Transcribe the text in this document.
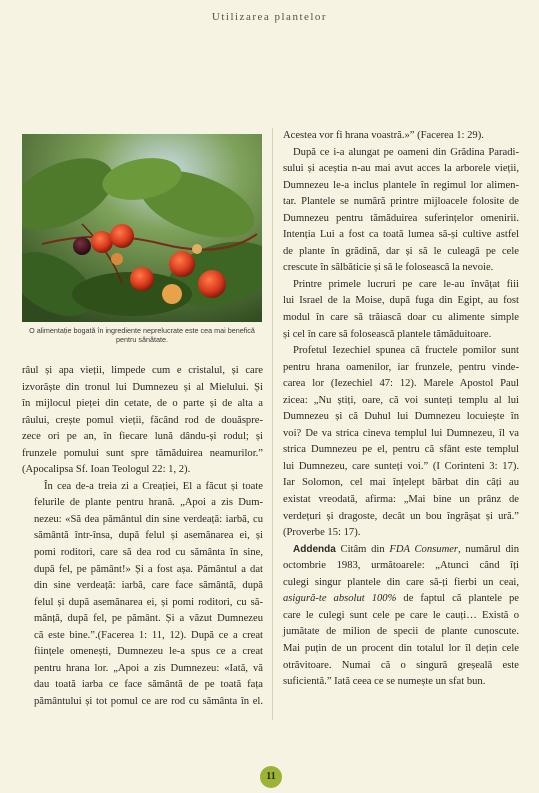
Utilizarea plantelor
O alimentație bogată în ingrediente neprelucrate este cea mai benefică
pentru sănătate.

râul și apa vieții, limpede cum e cristalul, și care
izvorăște din tronul lui Dumnezeu și al Mielului. Și
în mijlocul pieței din cetate, de o parte și de alta a
râului, crește pomul vieții, făcând rod de douăspre-
zece ori pe an, în fiecare lună dându-și rodul; și
frunzele pomului sunt spre tămăduirea neamurilor.”
(Apocalipsa Sf. Ioan Teologul 22: 1, 2).

În cea de-a treia zi a Creației, El a făcut și toate
felurile de plante pentru hrană. „Apoi a zis Dum-
nezeu: «Să dea pământul din sine verdeață: iarbă, cu
sământă într-însa, după felul și asemănarea ei, și
pomi roditori, care să dea rod cu sământa în sine,
după fel, pe pământ!» Și a fost așa. Pământul a dat
din sine verdeață: iarbă, care face sământă, după
felul și după asemănarea ei, și pomi roditori, cu să-
mânță, după fel, pe pământ. Și a văzut Dumnezeu
că este bine.”.(Facerea 1: 11, 12). După ce a creat
ființele omenești, Dumnezeu le-a spus ce a creat
pentru hrana lor. „Apoi a zis Dumnezeu: «Iată, vă
dau toată iarba ce face sământă de pe toată fața
pământului și tot pomul ce are rod cu sământa în el.

Acestea vor fi hrana voastră.»” (Facerea 1: 29).
După ce i-a alungat pe oameni din Grădina Paradi-
sului și aceștia n-au mai avut acces la arborele vieții,
Dumnezeu le-a inclus plantele în regimul lor alimen-
tar. Plantele se numără printre mijloacele folosite de
Dumnezeu pentru tămăduirea suferințelor omenirii.
Intenția Lui a fost ca toată lumea să-și cultive astfel
de plante în grădină, dar și să le culeagă pe cele
crescute în sălbăticie și să le folosească la nevoie.

Printre primele lucruri pe care le-au învățat fiii
lui Israel de la Moise, după fuga din Egipt, au fost
modul în care să trăiască doar cu alimente simple
și cel în care să folosească plantele tămăduitoare.

Profetul Iezechiel spunea că fructele pomilor sunt
pentru hrana oamenilor, iar frunzele, pentru vinde-
carea lor (Iezechiel 47: 12). Marele Apostol Paul
zicea: „Nu știți, oare, că voi sunteți templu al lui
Dumnezeu și că Duhul lui Dumnezeu locuiește în
voi? De va strica cineva templul lui Dumnezeu, îl va
strica Dumnezeu pe el, pentru că sfânt este templul
lui Dumnezeu, care sunteți voi.” (I Corinteni 3: 17).
Iar Solomon, cel mai înțelept bărbat din câți au
existat vreodată, afirma: „Mai bine un prânz de
verdețuri și dragoste, decât un bou îngrășat și ură.”
(Proverbe 15: 17).

Addenda Citâm din FDA Consumer, numărul din
octombrie 1983, următoarele: „Atunci când îți
culegi singur plantele din care să-ți fierbi un ceai,
asigură-te absolut 100% de faptul că plantele pe
care le culegi sunt cele pe care le cauți… Există o
jumătate de milion de specii de plante cunoscute.
Mai puțin de un procent din totalul lor îl dețin cele
otrăvitoare. Numai că o singură greșeală este
suficientă.” Iată ceea ce se numește un sfat bun.

11
